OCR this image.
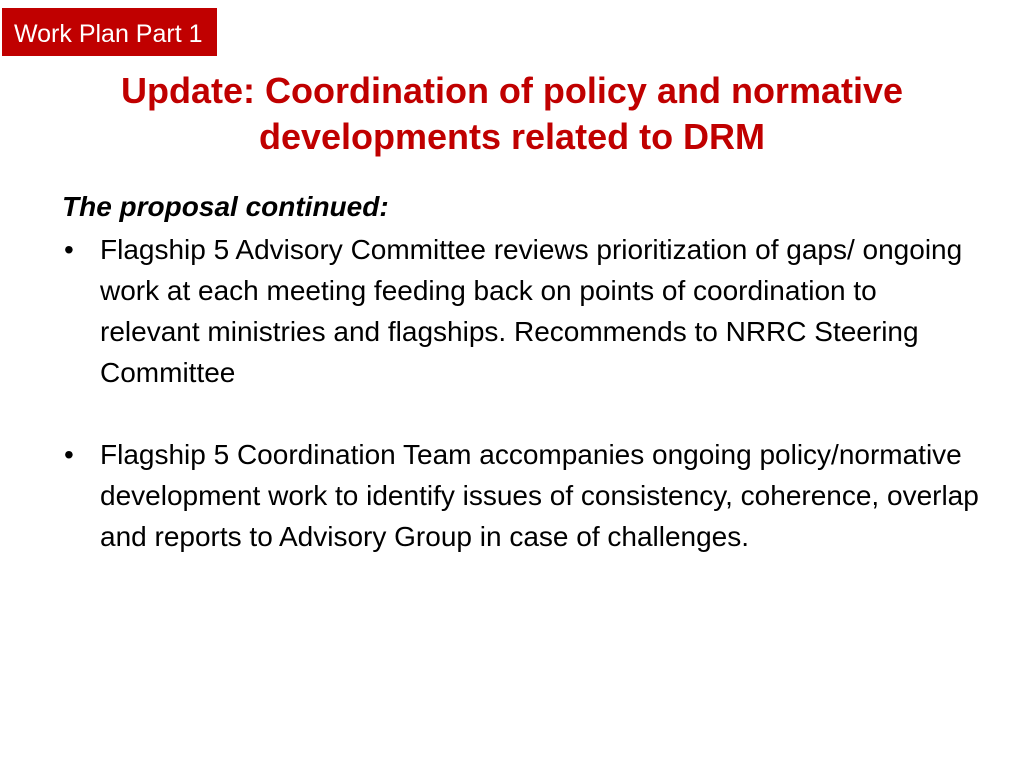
Work Plan Part 1
Update: Coordination of policy and normative
developments related to DRM
The proposal continued:
• Flagship 5 Advisory Committee reviews prioritization of gaps/ ongoing work at each meeting feeding back on points of coordination to relevant ministries and flagships. Recommends to NRRC Steering Committee
• Flagship 5 Coordination Team accompanies ongoing policy/normative development work to identify issues of consistency, coherence, overlap and reports to Advisory Group in case of challenges.
